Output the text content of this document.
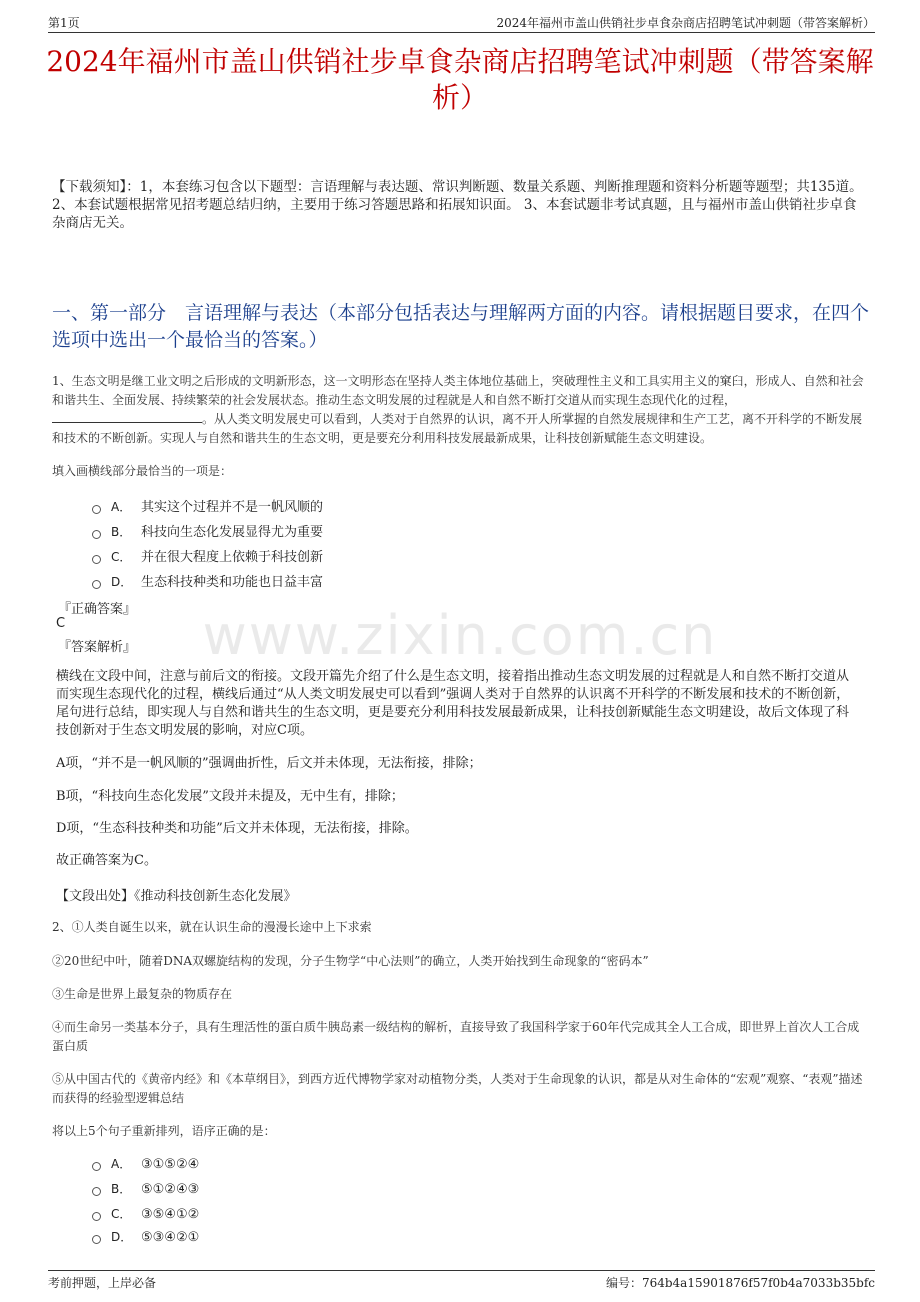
第1页	2024年福州市盖山供销社步卓食杂商店招聘笔试冲刺题（带答案解析）
2024年福州市盖山供销社步卓食杂商店招聘笔试冲刺题（带答案解析）
【下载须知】：1，本套练习包含以下题型：言语理解与表达题、常识判断题、数量关系题、判断推理题和资料分析题等题型；共135道。 2、本套试题根据常见招考题总结归纳，主要用于练习答题思路和拓展知识面。 3、本套试题非考试真题，且与福州市盖山供销社步卓食杂商店无关。
一、第一部分　言语理解与表达（本部分包括表达与理解两方面的内容。请根据题目要求，在四个选项中选出一个最恰当的答案。）
1、生态文明是继工业文明之后形成的文明新形态，这一文明形态在坚持人类主体地位基础上，突破理性主义和工具实用主义的窠臼，形成人、自然和社会和谐共生、全面发展、持续繁荣的社会发展状态。推动生态文明发展的过程就是人和自然不断打交道从而实现生态现代化的过程，。从人类文明发展史可以看到，人类对于自然界的认识，离不开人所掌握的自然发展规律和生产工艺，离不开科学的不断发展和技术的不断创新。实现人与自然和谐共生的生态文明，更是要充分利用科技发展最新成果，让科技创新赋能生态文明建设。
填入画横线部分最恰当的一项是：
A． 其实这个过程并不是一帆风顺的
B． 科技向生态化发展显得尤为重要
C． 并在很大程度上依赖于科技创新
D． 生态科技种类和功能也日益丰富
『正确答案』
C
『答案解析』
横线在文段中间，注意与前后文的衔接。文段开篇先介绍了什么是生态文明，接着指出推动生态文明发展的过程就是人和自然不断打交道从而实现生态现代化的过程，横线后通过“从人类文明发展史可以看到”强调人类对于自然界的认识离不开科学的不断发展和技术的不断创新，尾句进行总结，即实现人与自然和谐共生的生态文明，更是要充分利用科技发展最新成果，让科技创新赋能生态文明建设，故后文体现了科技创新对于生态文明发展的影响，对应C项。
A项，“并不是一帆风顺的”强调曲折性，后文并未体现，无法衔接，排除；
B项，“科技向生态化发展”文段并未提及，无中生有，排除；
D项，“生态科技种类和功能”后文并未体现，无法衔接，排除。
故正确答案为C。
【文段出处】《推动科技创新生态化发展》
2、①人类自诞生以来，就在认识生命的漫漫长途中上下求索
②20世纪中叶，随着DNA双螺旋结构的发现，分子生物学“中心法则”的确立，人类开始找到生命现象的“密码本”
③生命是世界上最复杂的物质存在
④而生命另一类基本分子，具有生理活性的蛋白质牛胰岛素一级结构的解析，直接导致了我国科学家于60年代完成其全人工合成，即世界上首次人工合成蛋白质
⑤从中国古代的《黄帝内经》和《本草纲目》，到西方近代博物学家对动植物分类，人类对于生命现象的认识，都是从对生命体的“宏观”观察、“表观”描述而获得的经验型逻辑总结
将以上5个句子重新排列，语序正确的是：
A． ③①⑤②④
B． ⑤①②④③
C． ③⑤④①②
D． ⑤③④②①
www.zixin.com.cn
考前押题，上岸必备	编号：764b4a15901876f57f0b4a7033b35bfc
